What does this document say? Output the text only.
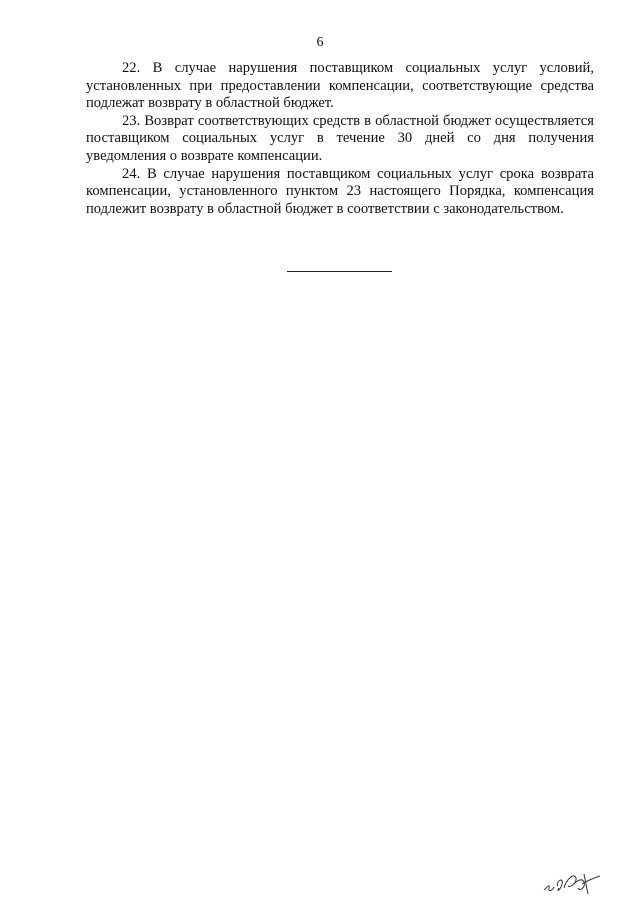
6

22. В случае нарушения поставщиком социальных услуг условий, установленных при предоставлении компенсации, соответствующие средства подлежат возврату в областной бюджет.

23. Возврат соответствующих средств в областной бюджет осуществляется поставщиком социальных услуг в течение 30 дней со дня получения уведомления о возврате компенсации.

24. В случае нарушения поставщиком социальных услуг срока возврата компенсации, установленного пунктом 23 настоящего Порядка, компенсация подлежит возврату в областной бюджет в соответствии с законодательством.
